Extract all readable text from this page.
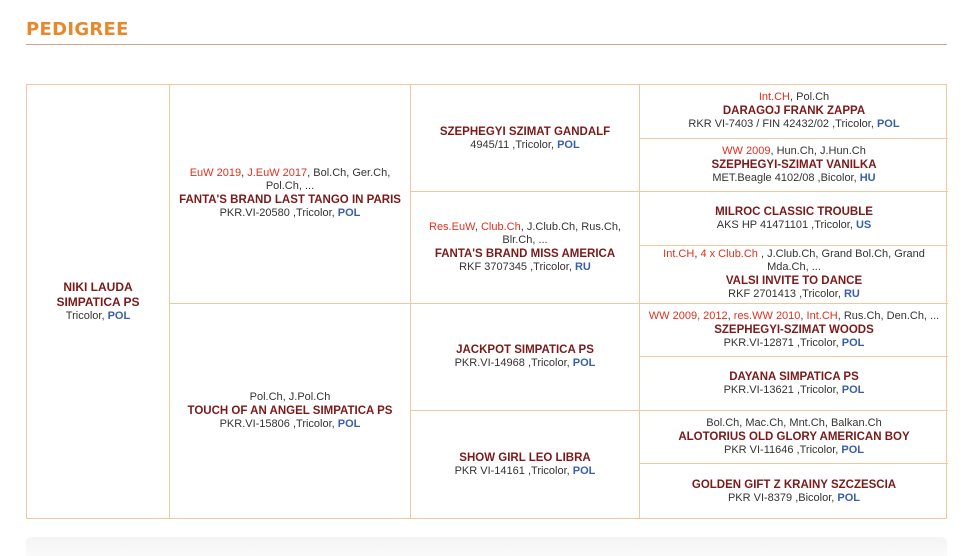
PEDIGREE
NIKI LAUDA SIMPATICA PS
Tricolor, POL
EuW 2019, J.EuW 2017, Bol.Ch, Ger.Ch, Pol.Ch, ...
FANTA'S BRAND LAST TANGO IN PARIS
PKR.VI-20580 ,Tricolor, POL
Pol.Ch, J.Pol.Ch
TOUCH OF AN ANGEL SIMPATICA PS
PKR.VI-15806 ,Tricolor, POL
SZEPHEGYI SZIMAT GANDALF
4945/11 ,Tricolor, POL
Res.EuW, Club.Ch, J.Club.Ch, Rus.Ch, Blr.Ch, ...
FANTA'S BRAND MISS AMERICA
RKF 3707345 ,Tricolor, RU
JACKPOT SIMPATICA PS
PKR.VI-14968 ,Tricolor, POL
SHOW GIRL LEO LIBRA
PKR VI-14161 ,Tricolor, POL
Int.CH, Pol.Ch
DARAGOJ FRANK ZAPPA
RKR VI-7403 / FIN 42432/02 ,Tricolor, POL
WW 2009, Hun.Ch, J.Hun.Ch
SZEPHEGYI-SZIMAT VANILKA
MET.Beagle 4102/08 ,Bicolor, HU
MILROC CLASSIC TROUBLE
AKS HP 41471101 ,Tricolor, US
Int.CH, 4 x Club.Ch , J.Club.Ch, Grand Bol.Ch, Grand Mda.Ch, ...
VALSI INVITE TO DANCE
RKF 2701413 ,Tricolor, RU
WW 2009, 2012, res.WW 2010, Int.CH, Rus.Ch, Den.Ch, ...
SZEPHEGYI-SZIMAT WOODS
PKR.VI-12871 ,Tricolor, POL
DAYANA SIMPATICA PS
PKR.VI-13621 ,Tricolor, POL
Bol.Ch, Mac.Ch, Mnt.Ch, Balkan.Ch
ALOTORIUS OLD GLORY AMERICAN BOY
PKR VI-11646 ,Tricolor, POL
GOLDEN GIFT Z KRAINY SZCZESCIA
PKR VI-8379 ,Bicolor, POL
